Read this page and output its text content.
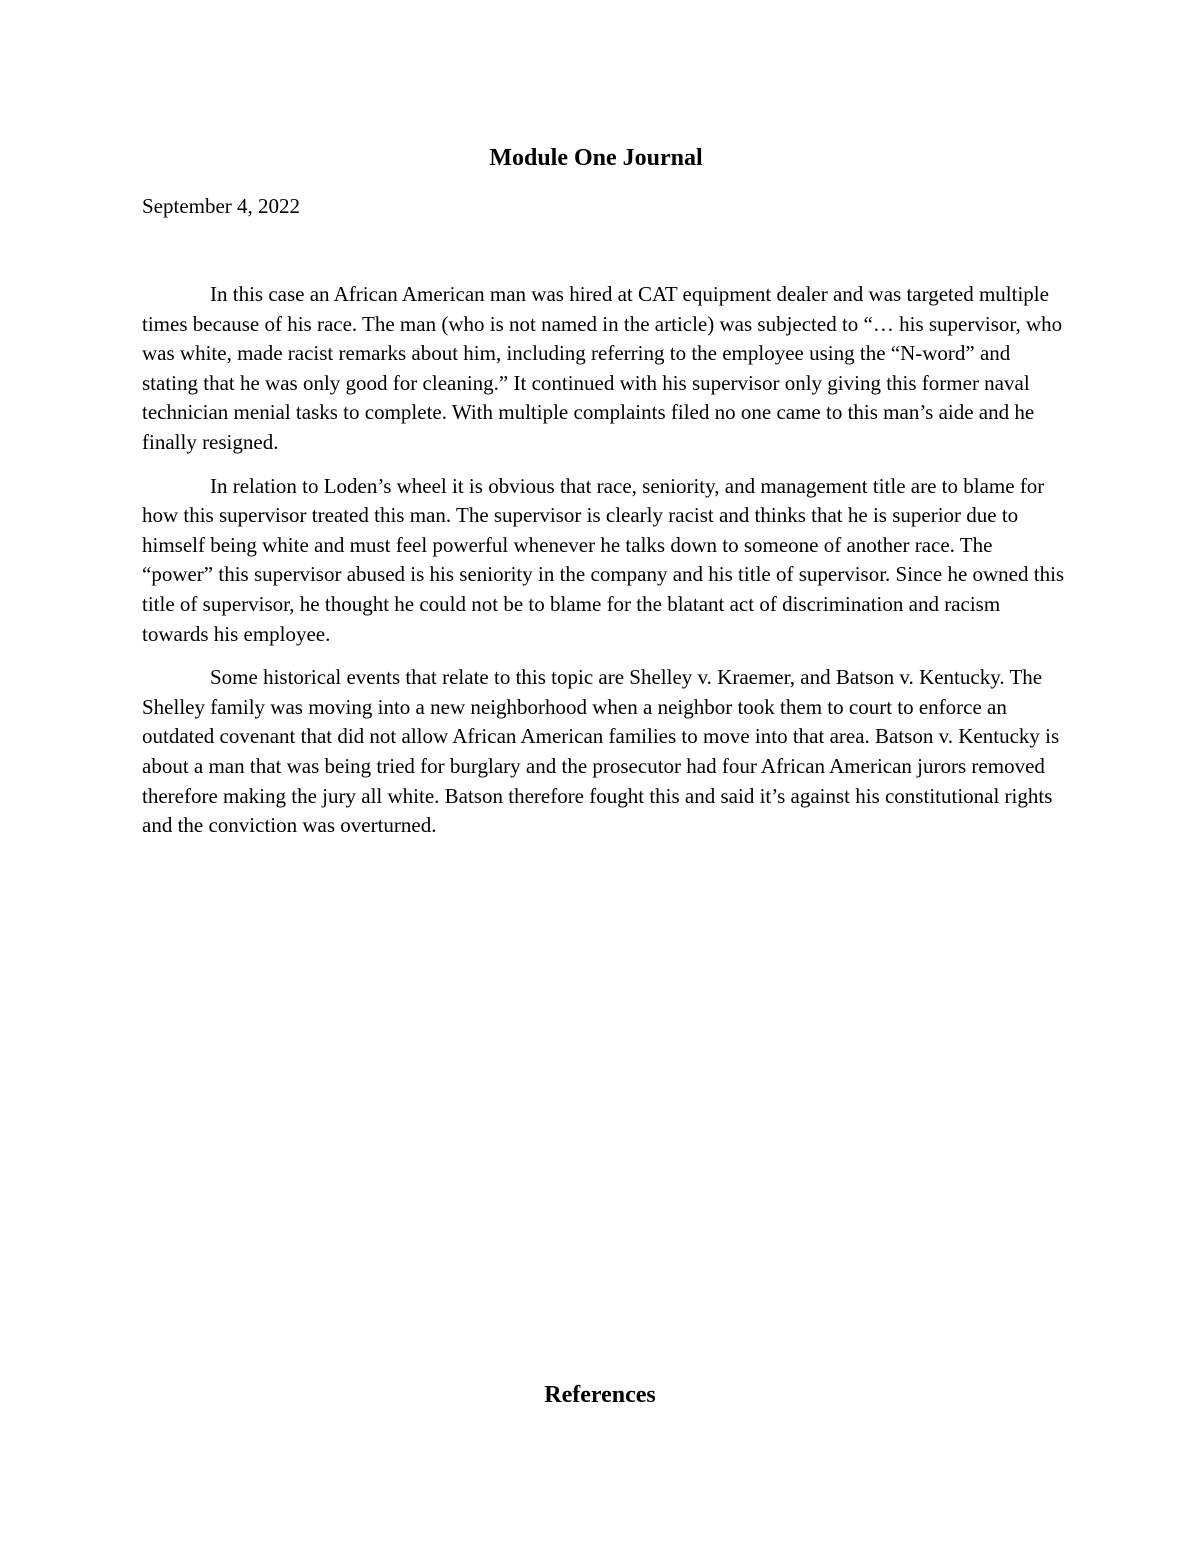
Module One Journal

September 4, 2022

In this case an African American man was hired at CAT equipment dealer and was targeted multiple times because of his race. The man (who is not named in the article) was subjected to “… his supervisor, who was white, made racist remarks about him, including referring to the employee using the “N-word” and stating that he was only good for cleaning.” It continued with his supervisor only giving this former naval technician menial tasks to complete. With multiple complaints filed no one came to this man’s aide and he finally resigned.

In relation to Loden’s wheel it is obvious that race, seniority, and management title are to blame for how this supervisor treated this man. The supervisor is clearly racist and thinks that he is superior due to himself being white and must feel powerful whenever he talks down to someone of another race. The “power” this supervisor abused is his seniority in the company and his title of supervisor. Since he owned this title of supervisor, he thought he could not be to blame for the blatant act of discrimination and racism towards his employee.

Some historical events that relate to this topic are Shelley v. Kraemer, and Batson v. Kentucky. The Shelley family was moving into a new neighborhood when a neighbor took them to court to enforce an outdated covenant that did not allow African American families to move into that area. Batson v. Kentucky is about a man that was being tried for burglary and the prosecutor had four African American jurors removed therefore making the jury all white. Batson therefore fought this and said it’s against his constitutional rights and the conviction was overturned.

References
